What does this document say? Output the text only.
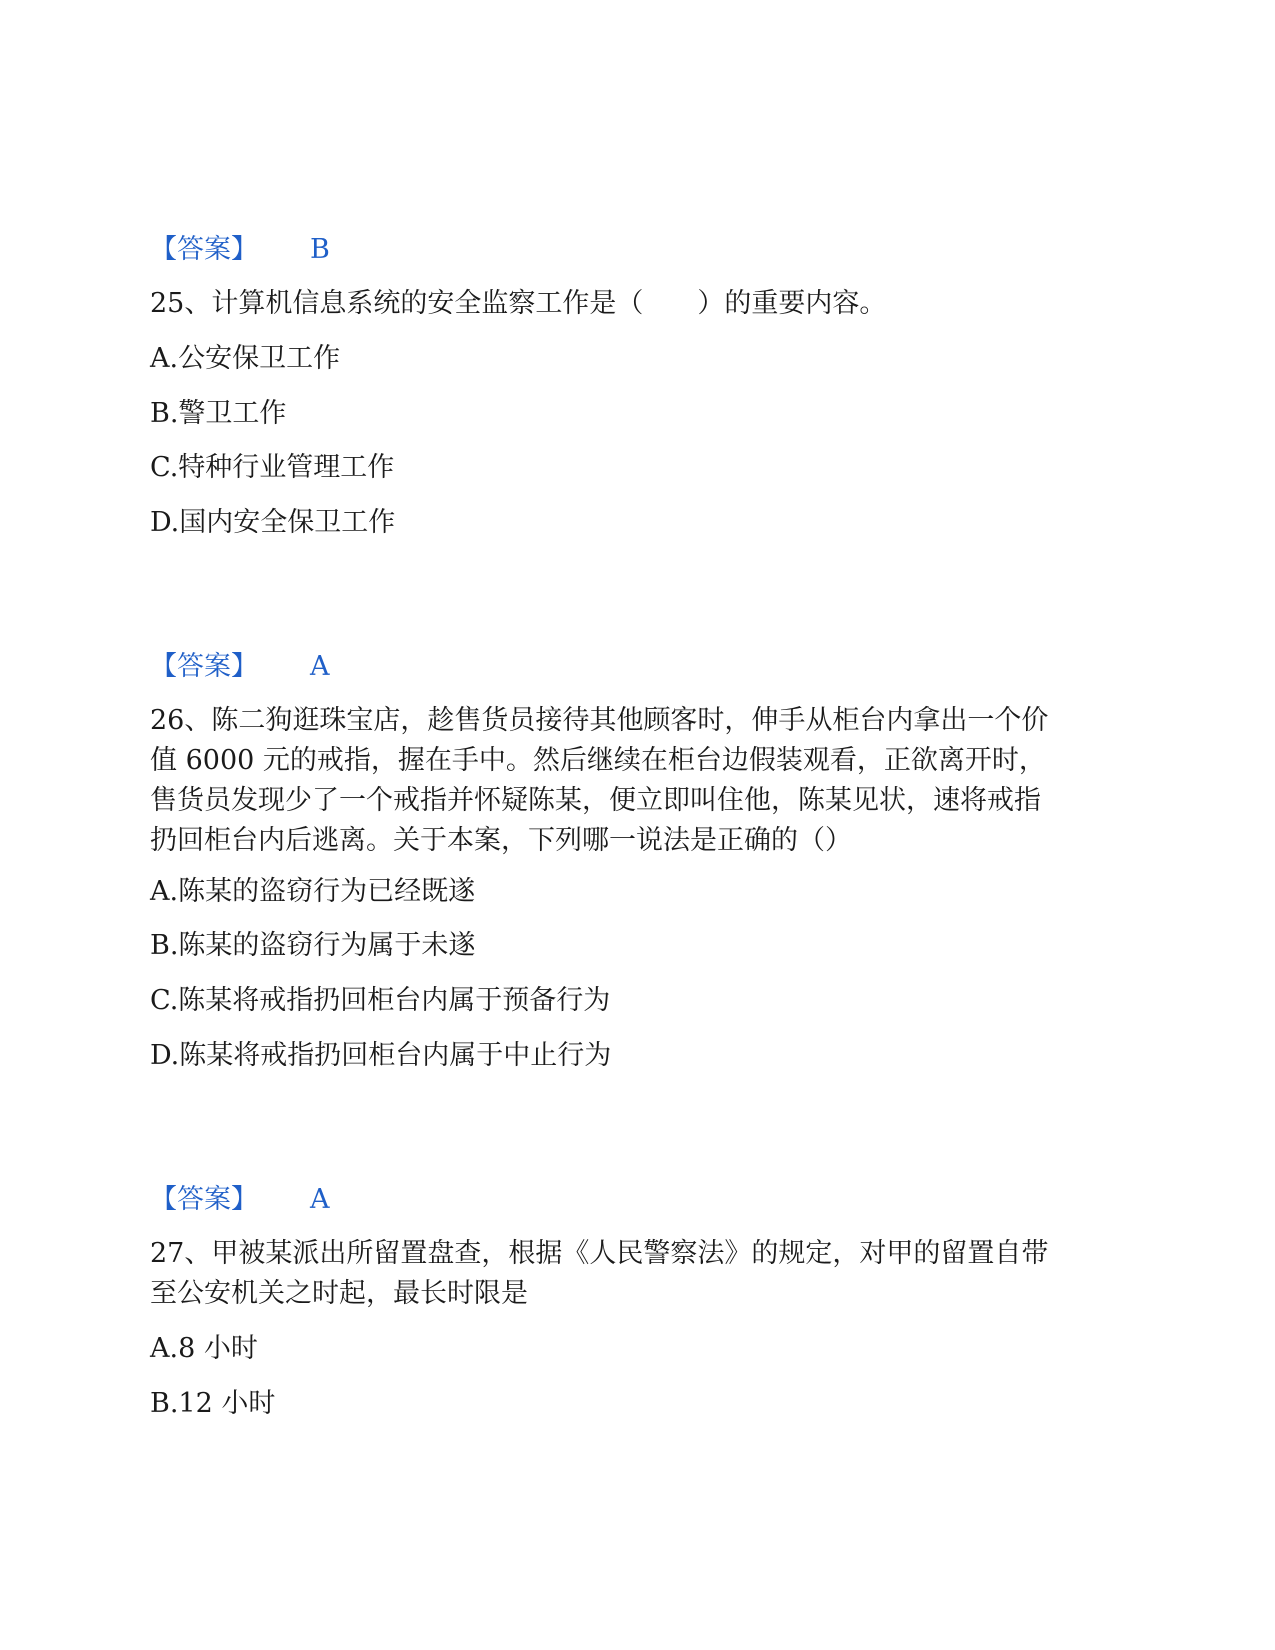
【答案】 B
25、计算机信息系统的安全监察工作是（　　）的重要内容。
A.公安保卫工作
B.警卫工作
C.特种行业管理工作
D.国内安全保卫工作
【答案】 A
26、陈二狗逛珠宝店，趁售货员接待其他顾客时，伸手从柜台内拿出一个价
值 6000 元的戒指，握在手中。然后继续在柜台边假装观看，正欲离开时，
售货员发现少了一个戒指并怀疑陈某，便立即叫住他，陈某见状，速将戒指
扔回柜台内后逃离。关于本案，下列哪一说法是正确的（）
A.陈某的盗窃行为已经既遂
B.陈某的盗窃行为属于未遂
C.陈某将戒指扔回柜台内属于预备行为
D.陈某将戒指扔回柜台内属于中止行为
【答案】 A
27、甲被某派出所留置盘查，根据《人民警察法》的规定，对甲的留置自带
至公安机关之时起，最长时限是
A.8 小时
B.12 小时
